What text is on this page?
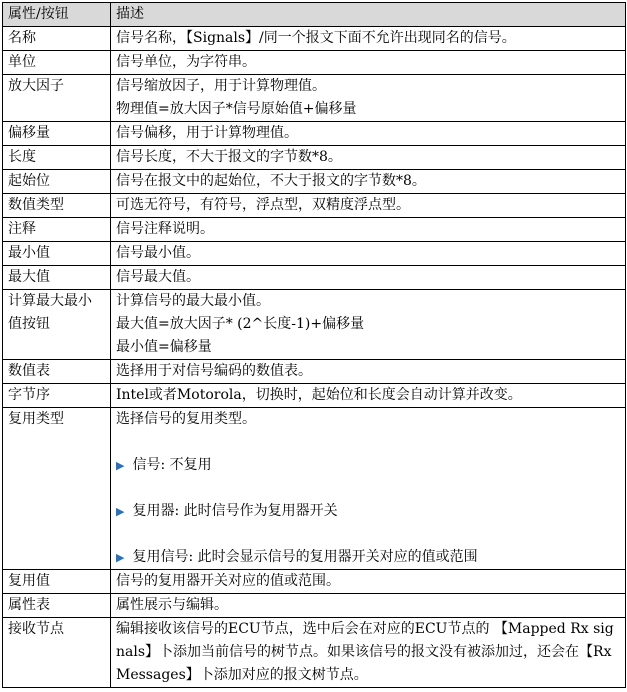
属性/按钮	描述
名称	信号名称，【Signals】/同一个报文下面不允许出现同名的信号。

单位	信号单位，为字符串。

放大因子	信号缩放因子，用于计算物理值。
物理值=放大因子*信号原始值+偏移量

偏移量	信号偏移，用于计算物理值。

长度	信号长度，不大于报文的字节数*8。

起始位	信号在报文中的起始位，不大于报文的字节数*8。

数值类型	可选无符号，有符号，浮点型，双精度浮点型。

注释	信号注释说明。

最小值	信号最小值。

最大值	信号最大值。

计算最大最小值按钮	计算信号的最大最小值。
最大值=放大因子* (2^长度-1)+偏移量
最小值=偏移量

数值表	选择用于对信号编码的数值表。

字节序	Intel或者Motorola，切换时，起始位和长度会自动计算并改变。

复用类型	选择信号的复用类型。
▶ 信号: 不复用
▶ 复用器: 此时信号作为复用器开关
▶ 复用信号: 此时会显示信号的复用器开关对应的值或范围

复用值	信号的复用器开关对应的值或范围。

属性表	属性展示与编辑。

接收节点	编辑接收该信号的ECU节点，选中后会在对应的ECU节点的 【Mapped Rx signals】卜添加当前信号的树节点。如果该信号的报文没有被添加过，还会在【Rx Messages】卜添加对应的报文树节点。
